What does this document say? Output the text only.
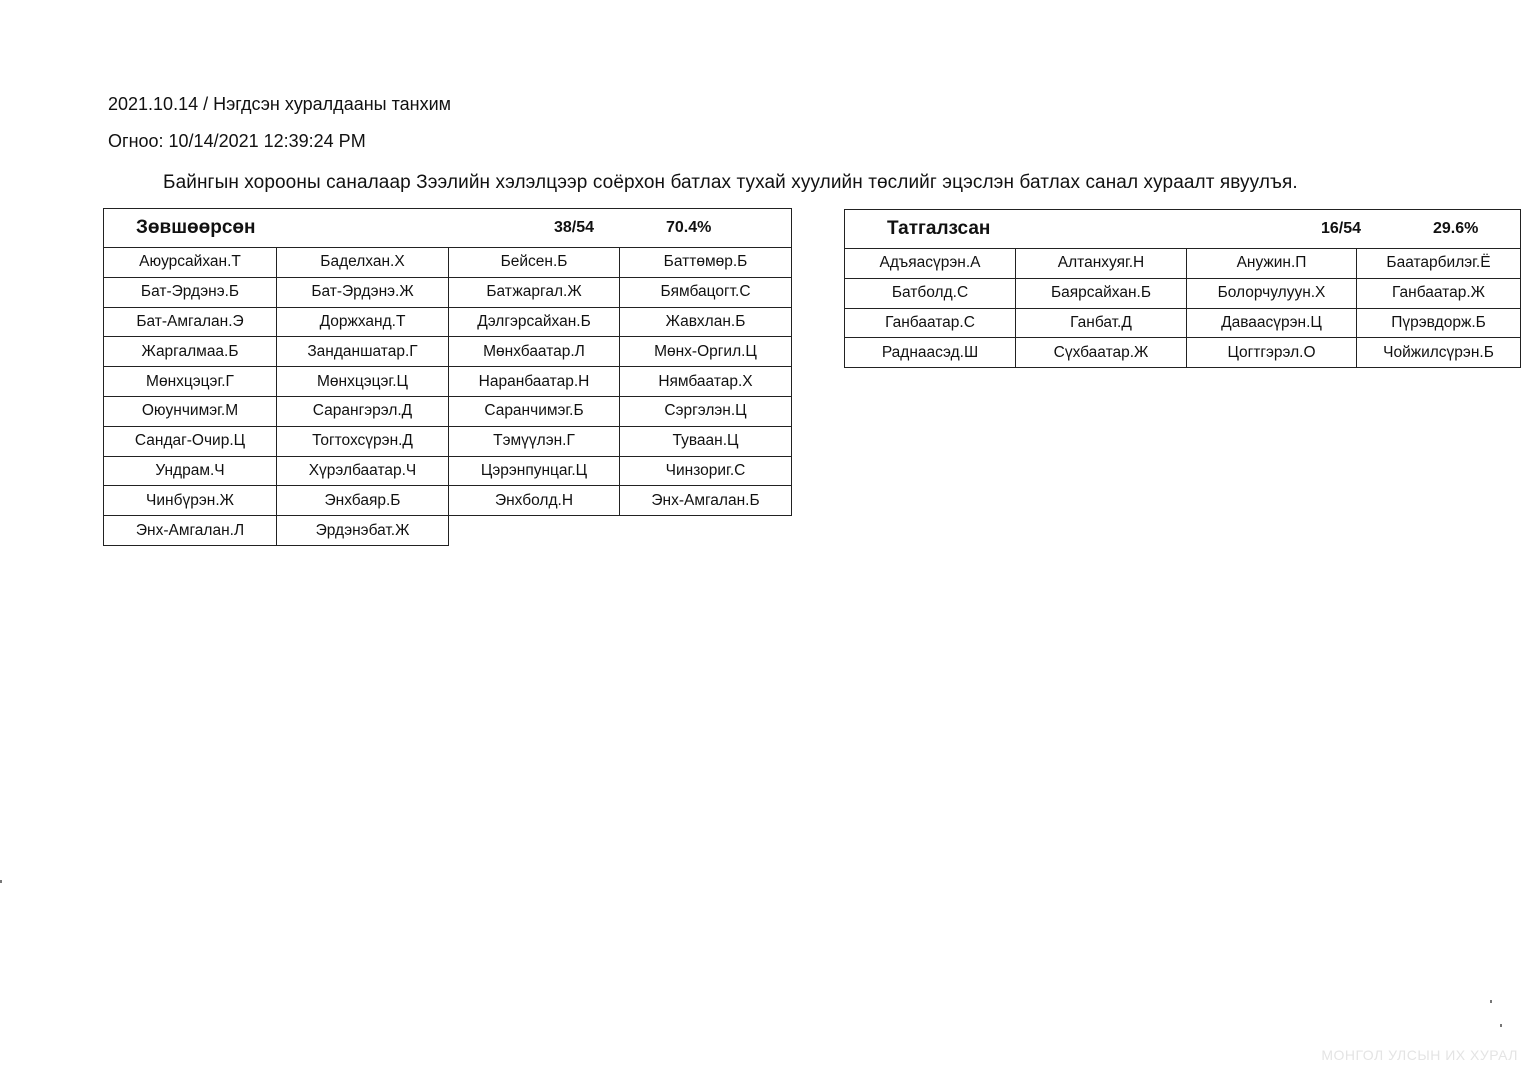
2021.10.14 / Нэгдсэн хуралдааны танхим
Огноо: 10/14/2021 12:39:24 PM
Байнгын хорооны саналаар Зээлийн хэлэлцээр соёрхон батлах тухай хуулийн төслийг эцэслэн батлах санал хураалт явуулъя.
Зөвшөөрсөн 38/54 70.4%			

Аюурсайхан.Т	Баделхан.Х	Бейсен.Б	Баттөмөр.Б
Бат-Эрдэнэ.Б	Бат-Эрдэнэ.Ж	Батжаргал.Ж	Бямбацогт.С
Бат-Амгалан.Э	Доржханд.Т	Дэлгэрсайхан.Б	Жавхлан.Б
Жаргалмаа.Б	Занданшатар.Г	Мөнхбаатар.Л	Мөнх-Оргил.Ц
Мөнхцэцэг.Г	Мөнхцэцэг.Ц	Наранбаатар.Н	Нямбаатар.Х
Оюунчимэг.М	Сарангэрэл.Д	Саранчимэг.Б	Сэргэлэн.Ц
Сандаг-Очир.Ц	Тогтохсүрэн.Д	Тэмүүлэн.Г	Туваан.Ц
Ундрам.Ч	Хүрэлбаатар.Ч	Цэрэнпунцаг.Ц	Чинзориг.С
Чинбүрэн.Ж	Энхбаяр.Б	Энхболд.Н	Энх-Амгалан.Б
Энх-Амгалан.Л	Эрдэнэбат.Ж		
Татгалзсан 16/54 29.6%			

Адъяасүрэн.А	Алтанхуяг.Н	Анужин.П	Баатарбилэг.Ё
Батболд.С	Баярсайхан.Б	Болорчулуун.Х	Ганбаатар.Ж
Ганбаатар.С	Ганбат.Д	Даваасүрэн.Ц	Пүрэвдорж.Б
Раднаасэд.Ш	Сүхбаатар.Ж	Цогтгэрэл.О	Чойжилсүрэн.Б
МОНГОЛ УЛСЫН ИХ ХУРАЛ
